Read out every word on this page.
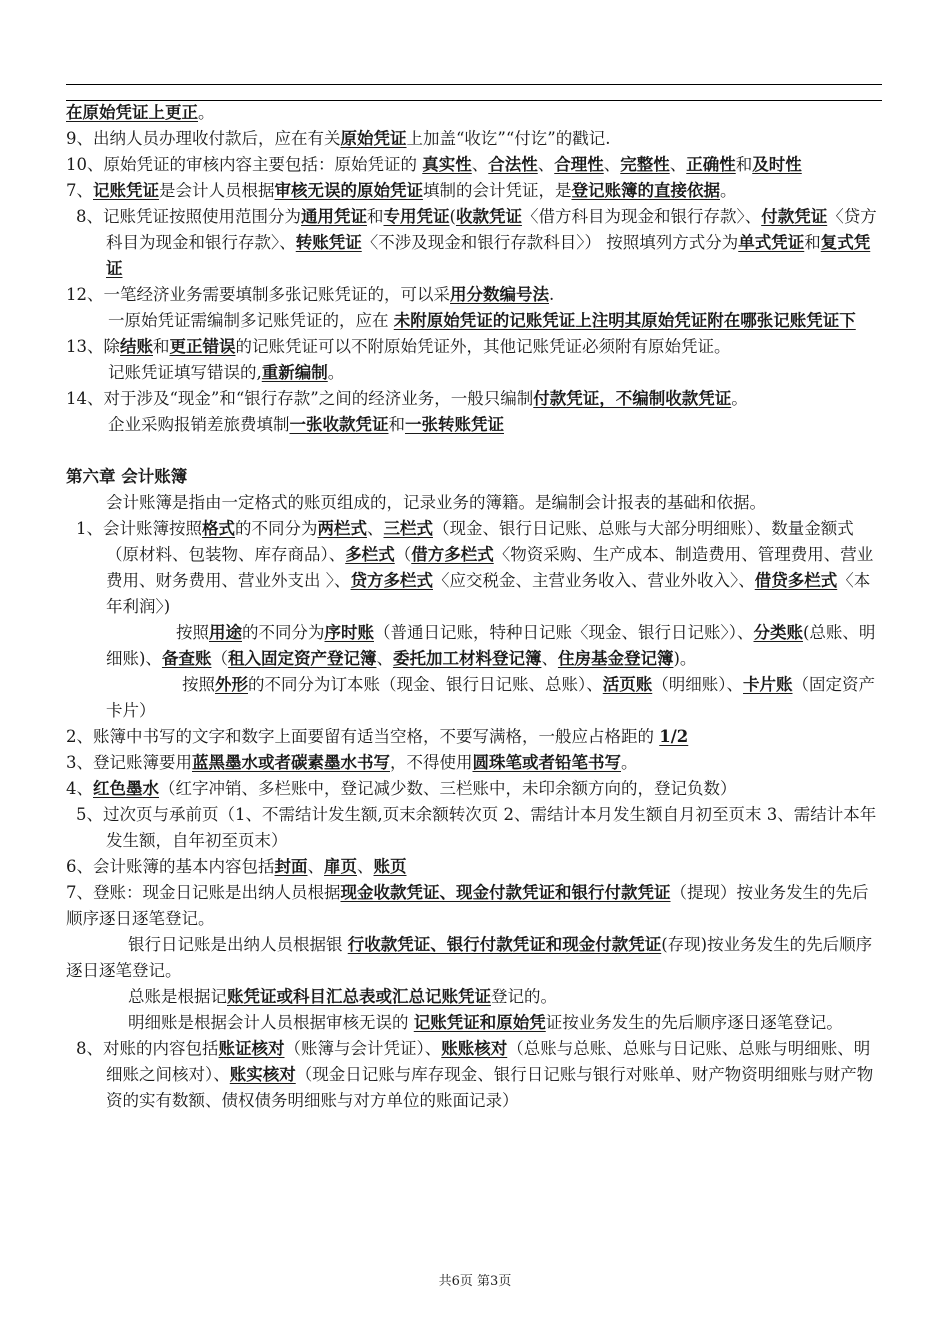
在原始凭证上更正。

9、出纳人员办理收付款后，应在有关原始凭证上加盖“收讫”“付讫”的戳记.

10、原始凭证的审核内容主要包括：原始凭证的 真实性、合法性、合理性、完整性、正确性和及时性

7、记账凭证是会计人员根据审核无误的原始凭证填制的会计凭证，是登记账簿的直接依据。

8、记账凭证按照使用范围分为通用凭证和专用凭证(收款凭证〈借方科目为现金和银行存款〉、付款凭证〈贷方科目为现金和银行存款〉、转账凭证〈不涉及现金和银行存款科目〉） 按照填列方式分为单式凭证和复式凭证

12、一笔经济业务需要填制多张记账凭证的，可以采用分数编号法.

一原始凭证需编制多记账凭证的，应在 未附原始凭证的记账凭证上注明其原始凭证附在哪张记账凭证下

13、除结账和更正错误的记账凭证可以不附原始凭证外，其他记账凭证必须附有原始凭证。

记账凭证填写错误的,重新编制。

14、对于涉及“现金”和“银行存款”之间的经济业务，一般只编制付款凭证，不编制收款凭证。

企业采购报销差旅费填制一张收款凭证和一张转账凭证

第六章 会计账簿

会计账簿是指由一定格式的账页组成的，记录业务的簿籍。是编制会计报表的基础和依据。

1、会计账簿按照格式的不同分为两栏式、三栏式（现金、银行日记账、总账与大部分明细账）、数量金额式（原材料、包装物、库存商品）、多栏式（借方多栏式〈物资采购、生产成本、制造费用、管理费用、营业费用、财务费用、营业外支出 〉、贷方多栏式〈应交税金、主营业务收入、营业外收入〉、借贷多栏式〈本年利润〉)

按照用途的不同分为序时账（普通日记账，特种日记账〈现金、银行日记账〉）、分类账(总账、明细账)、备查账（租入固定资产登记簿、委托加工材料登记簿、住房基金登记簿)。

按照外形的不同分为订本账（现金、银行日记账、总账）、活页账（明细账）、卡片账（固定资产卡片）

2、账簿中书写的文字和数字上面要留有适当空格，不要写满格，一般应占格距的 1/2

3、登记账簿要用蓝黑墨水或者碳素墨水书写，不得使用圆珠笔或者铅笔书写。

4、红色墨水（红字冲销、多栏账中，登记减少数、三栏账中，未印余额方向的，登记负数）

5、过次页与承前页（1、不需结计发生额,页末余额转次页 2、需结计本月发生额自月初至页末 3、需结计本年发生额，自年初至页末）

6、会计账簿的基本内容包括封面、扉页、账页

7、登账：现金日记账是出纳人员根据现金收款凭证、现金付款凭证和银行付款凭证（提现）按业务发生的先后顺序逐日逐笔登记。

银行日记账是出纳人员根据银 行收款凭证、银行付款凭证和现金付款凭证(存现)按业务发生的先后顺序逐日逐笔登记。

总账是根据记账凭证或科目汇总表或汇总记账凭证登记的。

明细账是根据会计人员根据审核无误的 记账凭证和原始凭证按业务发生的先后顺序逐日逐笔登记。

8、对账的内容包括账证核对（账簿与会计凭证）、账账核对（总账与总账、总账与日记账、总账与明细账、明细账之间核对）、账实核对（现金日记账与库存现金、银行日记账与银行对账单、财产物资明细账与财产物资的实有数额、债权债务明细账与对方单位的账面记录）

共6页 第3页
